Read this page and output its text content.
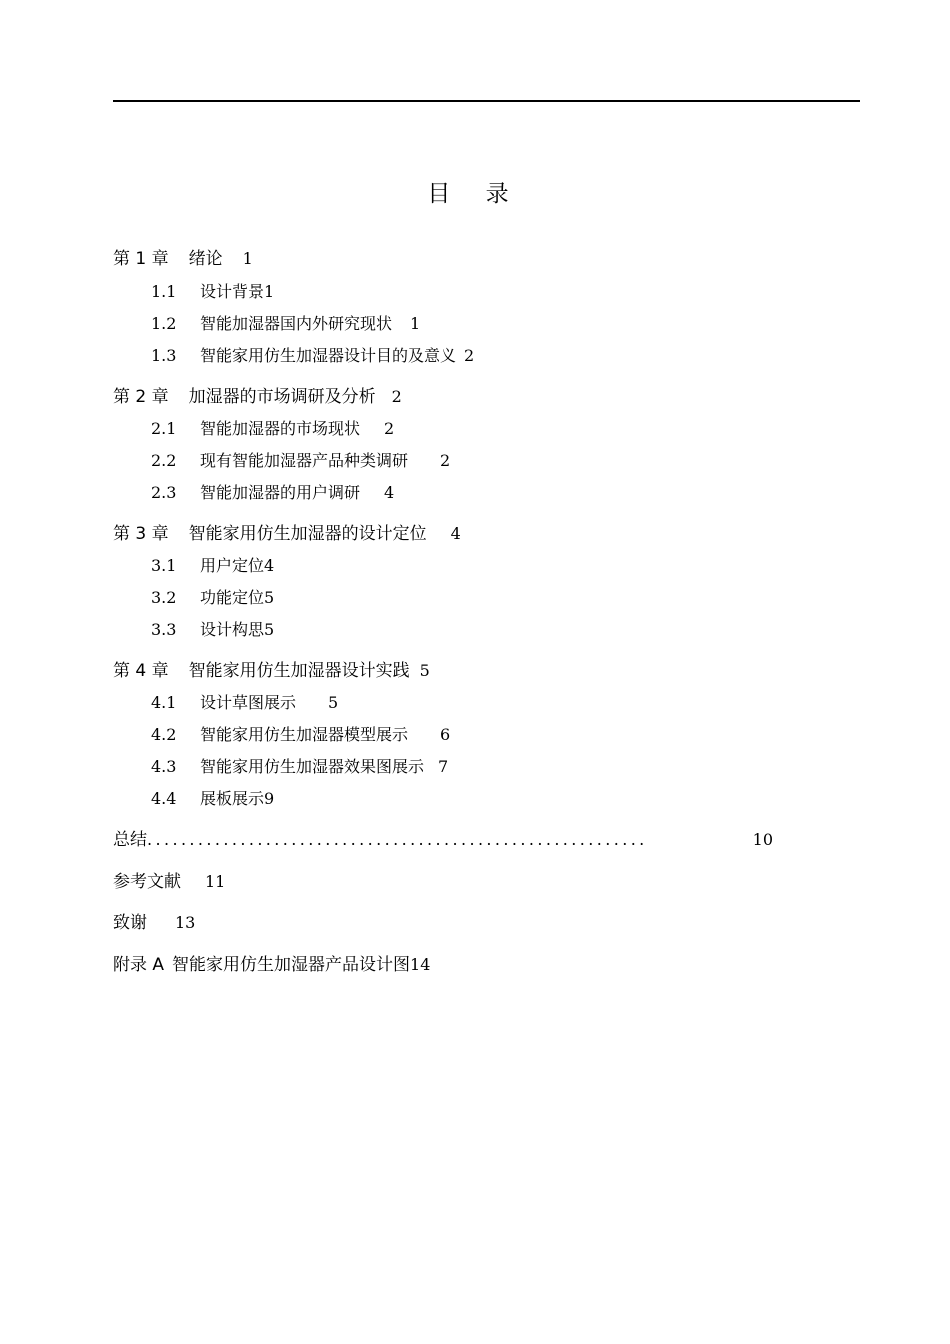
目 录
第 1 章 绪论 1
1.1 设计背景1
1.2 智能加湿器国内外研究现状 1
1.3 智能家用仿生加湿器设计目的及意义 2
第 2 章 加湿器的市场调研及分析 2
2.1 智能加湿器的市场现状 2
2.2 现有智能加湿器产品种类调研 2
2.3 智能加湿器的用户调研 4
第 3 章 智能家用仿生加湿器的设计定位 4
3.1 用户定位4
3.2 功能定位5
3.3 设计构思5
第 4 章 智能家用仿生加湿器设计实践 5
4.1 设计草图展示 5
4.2 智能家用仿生加湿器模型展示 6
4.3 智能家用仿生加湿器效果图展示 7
4.4 展板展示9
总结 ...........................................................	10
参考文献 11
致谢 13
附录 A 智能家用仿生加湿器产品设计图14
